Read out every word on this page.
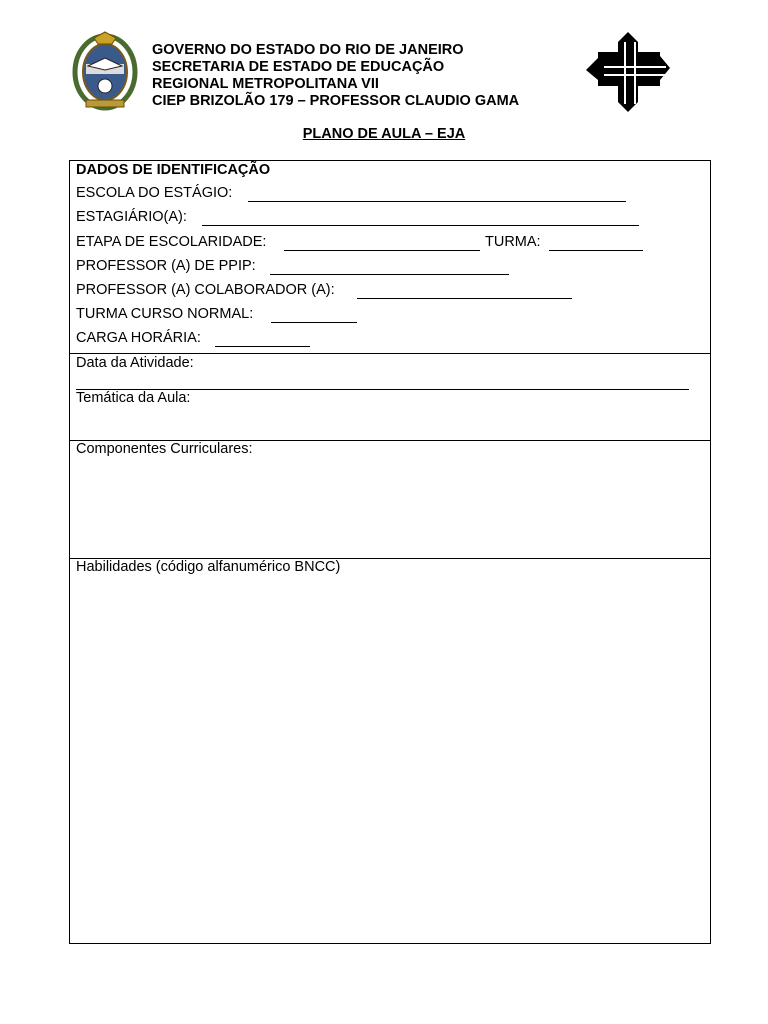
GOVERNO DO ESTADO DO RIO DE JANEIRO
SECRETARIA DE ESTADO DE EDUCAÇÃO
REGIONAL METROPOLITANA VII
CIEP BRIZOLÃO 179 – PROFESSOR CLAUDIO GAMA
PLANO DE AULA – EJA
DADOS DE IDENTIFICAÇÃO
ESCOLA DO ESTÁGIO:
ESTAGIÁRIO(A):
ETAPA DE ESCOLARIDADE:	TURMA:
PROFESSOR (A) DE PPIP:
PROFESSOR (A) COLABORADOR (A):
TURMA CURSO NORMAL:
CARGA HORÁRIA:
Data da Atividade:
Temática da Aula:
Componentes Curriculares:
Habilidades (código alfanumérico BNCC)
